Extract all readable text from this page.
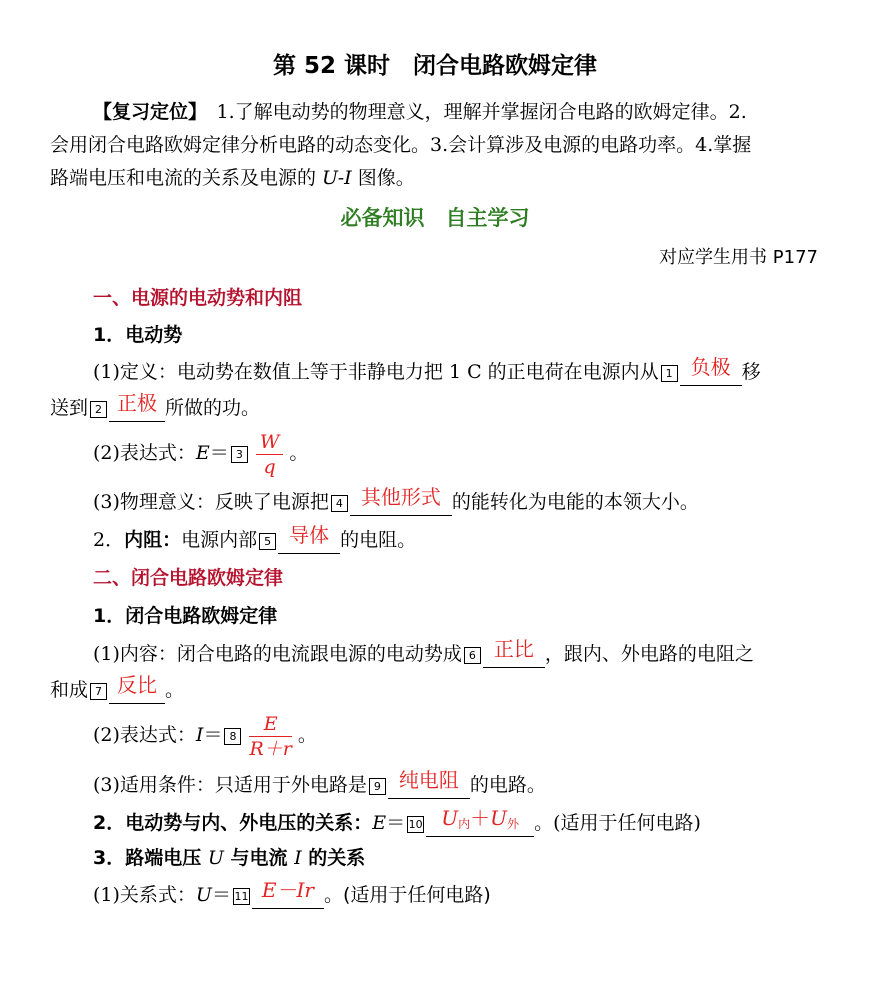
第 52 课时　闭合电路欧姆定律
【复习定位】　1.了解电动势的物理意义，理解并掌握闭合电路的欧姆定律。2.
会用闭合电路欧姆定律分析电路的动态变化。3.会计算涉及电源的电路功率。4.掌握
路端电压和电流的关系及电源的 U-I 图像。
必备知识　自主学习
对应学生用书 P177
一、电源的电动势和内阻
1．电动势
(1)定义：电动势在数值上等于非静电力把 1 C 的正电荷在电源内从 1 负极 移
送到 2 正极 所做的功。
(2)表达式：$E= 3 \frac{W}{q}$ 。
(3)物理意义：反映了电源把 4 其他形式 的能转化为电能的本领大小。
2．内阻：电源内部 5 导体 的电阻。
二、闭合电路欧姆定律
1．闭合电路欧姆定律
(1)内容：闭合电路的电流跟电源的电动势成 6 正比 ，跟内、外电路的电阻之
和成 7 反比 。
(2)表达式：$I= 8 \frac{E}{R+r}$ 。
(3)适用条件：只适用于外电路是 9 纯电阻 的电路。
2．电动势与内、外电压的关系：E＝ 10 $U_内+U_外$ 。(适用于任何电路)
3．路端电压 U 与电流 I 的关系
(1)关系式：U＝ 11 E－Ir 。(适用于任何电路)
